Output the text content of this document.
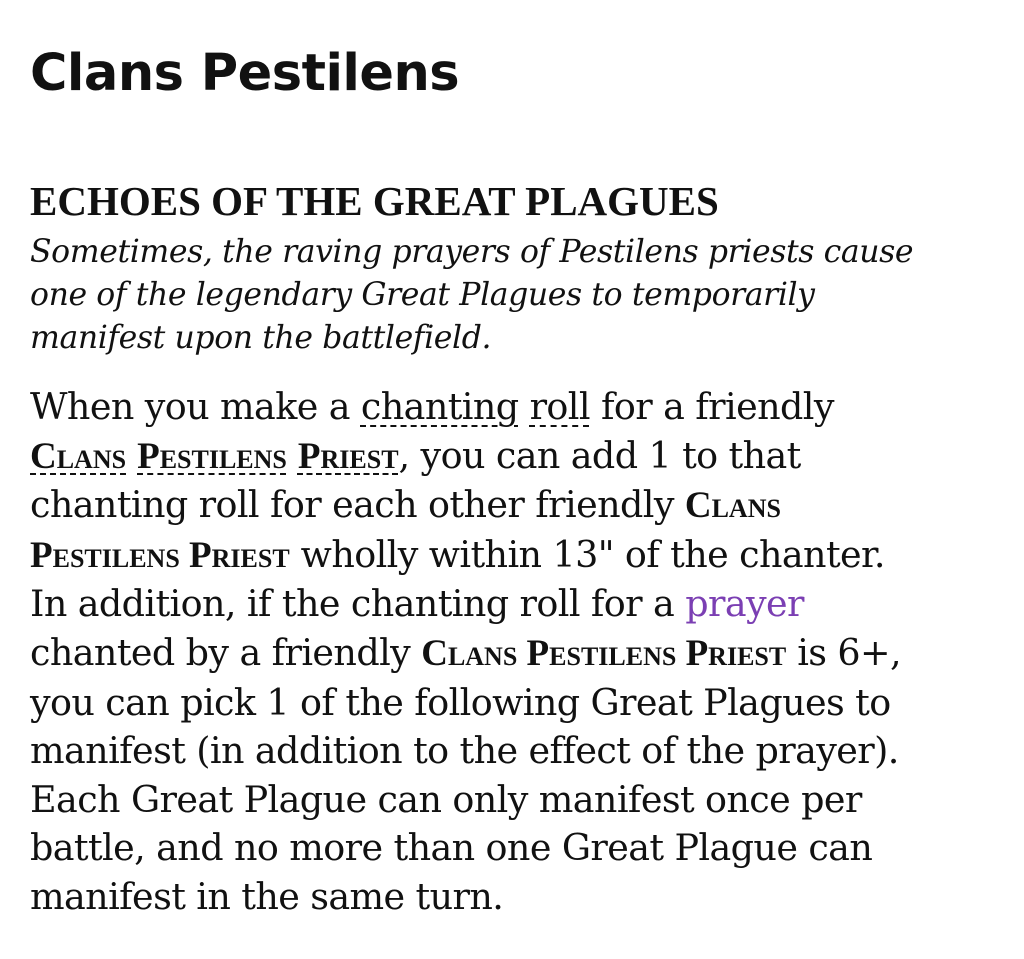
Clans Pestilens
ECHOES OF THE GREAT PLAGUES

Sometimes, the raving prayers of Pestilens priests cause
one of the legendary Great Plagues to temporarily
manifest upon the battlefield.

When you make a chanting roll for a friendly
Clans Pestilens Priest, you can add 1 to that
chanting roll for each other friendly Clans
Pestilens Priest wholly within 13" of the chanter.
In addition, if the chanting roll for a prayer
chanted by a friendly Clans Pestilens Priest is 6+,
you can pick 1 of the following Great Plagues to
manifest (in addition to the effect of the prayer).
Each Great Plague can only manifest once per
battle, and no more than one Great Plague can
manifest in the same turn.
